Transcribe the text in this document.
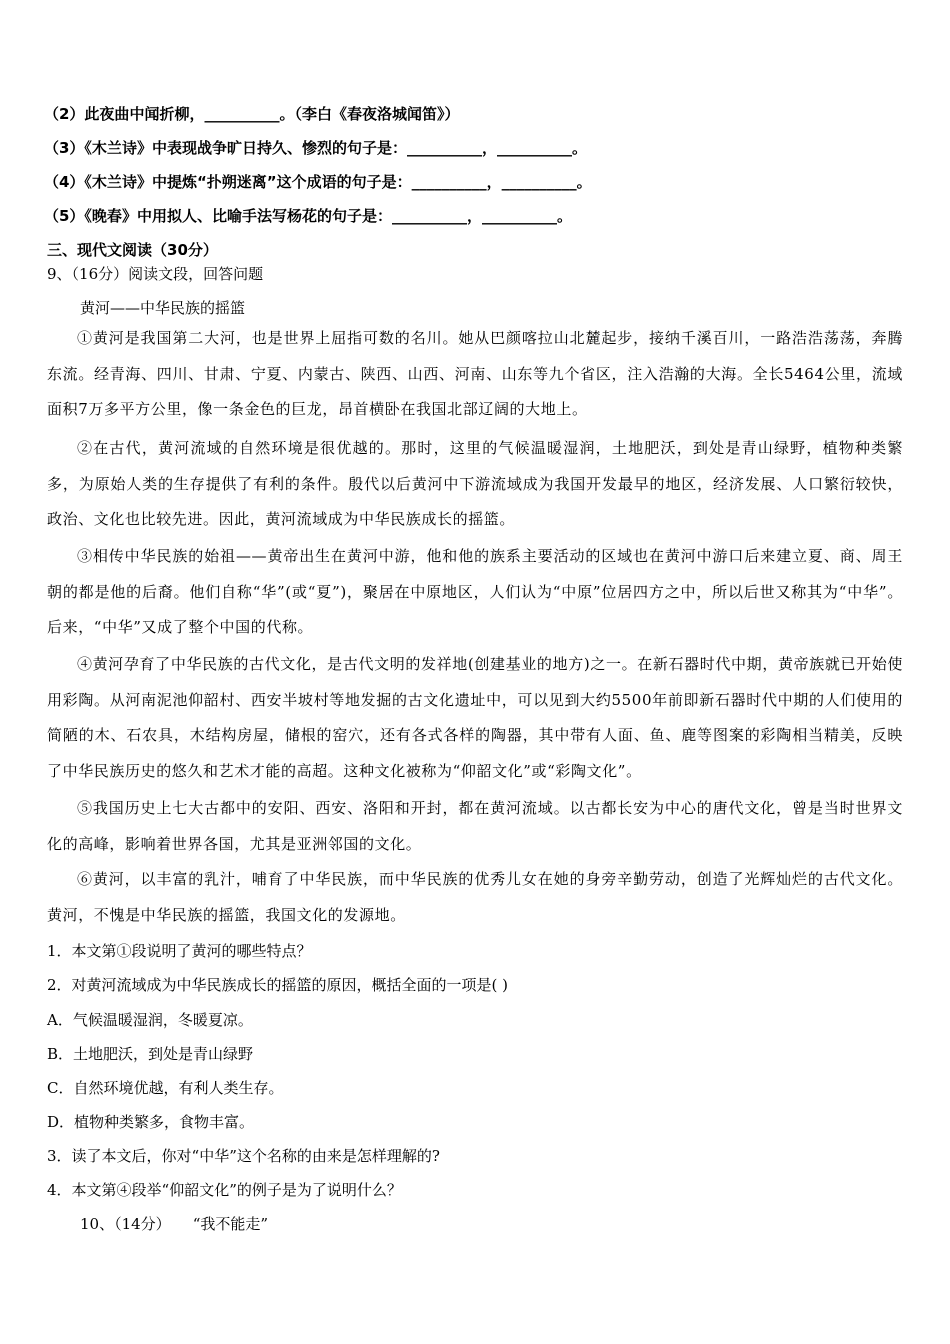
（2）此夜曲中闻折柳，__________。（李白《春夜洛城闻笛》）
（3）《木兰诗》中表现战争旷日持久、惨烈的句子是：__________，__________。
（4）《木兰诗》中提炼“扑朔迷离”这个成语的句子是：__________，__________。
（5）《晚春》中用拟人、比喻手法写杨花的句子是：__________，__________。
三、现代文阅读（30分）
9、（16分）阅读文段，回答问题
黄河——中华民族的摇篮
①黄河是我国第二大河，也是世界上屈指可数的名川。她从巴颜喀拉山北麓起步，接纳千溪百川，一路浩浩荡荡，奔腾东流。经青海、四川、甘肃、宁夏、内蒙古、陕西、山西、河南、山东等九个省区，注入浩瀚的大海。全长5464公里，流域面积7万多平方公里，像一条金色的巨龙，昂首横卧在我国北部辽阔的大地上。
②在古代，黄河流域的自然环境是很优越的。那时，这里的气候温暖湿润，土地肥沃，到处是青山绿野，植物种类繁多，为原始人类的生存提供了有利的条件。殷代以后黄河中下游流域成为我国开发最早的地区，经济发展、人口繁衍较快，政治、文化也比较先进。因此，黄河流域成为中华民族成长的摇篮。
③相传中华民族的始祖——黄帝出生在黄河中游，他和他的族系主要活动的区域也在黄河中游口后来建立夏、商、周王朝的都是他的后裔。他们自称“华”(或“夏”)，聚居在中原地区，人们认为“中原”位居四方之中，所以后世又称其为“中华”。后来，“中华”又成了整个中国的代称。
④黄河孕育了中华民族的古代文化，是古代文明的发祥地(创建基业的地方)之一。在新石器时代中期，黄帝族就已开始使用彩陶。从河南泥池仰韶村、西安半坡村等地发掘的古文化遗址中，可以见到大约5500年前即新石器时代中期的人们使用的简陋的木、石农具，木结构房屋，储根的窑穴，还有各式各样的陶器，其中带有人面、鱼、鹿等图案的彩陶相当精美，反映了中华民族历史的悠久和艺术才能的高超。这种文化被称为“仰韶文化”或“彩陶文化”。
⑤我国历史上七大古都中的安阳、西安、洛阳和开封，都在黄河流域。以古都长安为中心的唐代文化，曾是当时世界文化的高峰，影响着世界各国，尤其是亚洲邻国的文化。
⑥黄河，以丰富的乳汁，哺育了中华民族，而中华民族的优秀儿女在她的身旁辛勤劳动，创造了光辉灿烂的古代文化。黄河，不愧是中华民族的摇篮，我国文化的发源地。
1．本文第①段说明了黄河的哪些特点？
2．对黄河流域成为中华民族成长的摇篮的原因，概括全面的一项是( )
A．气候温暖湿润，冬暖夏凉。
B．土地肥沃，到处是青山绿野
C．自然环境优越，有利人类生存。
D．植物种类繁多，食物丰富。
3．读了本文后，你对“中华”这个名称的由来是怎样理解的?
4．本文第④段举“仰韶文化”的例子是为了说明什么？
10、（14分） “我不能走”
